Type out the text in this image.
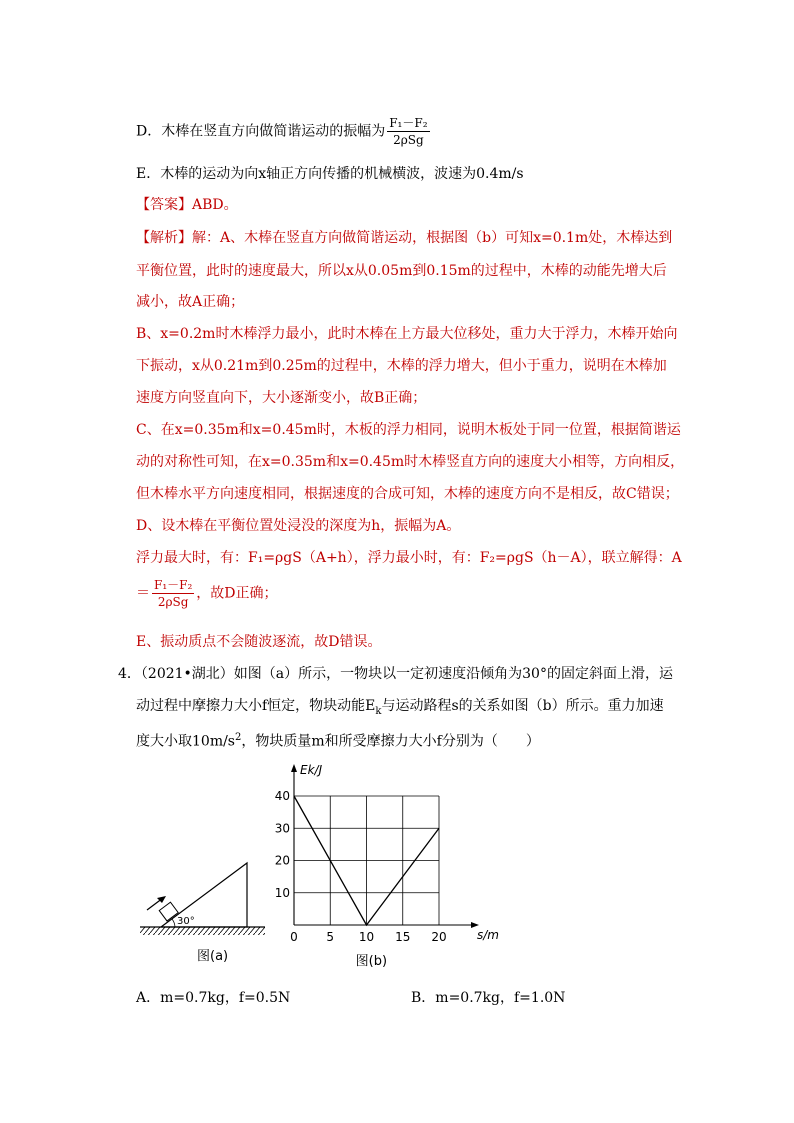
D．木棒在竖直方向做简谐运动的振幅为 $\frac{\text{F₁－F₂}}{\text{2ρSg}}$
E．木棒的运动为向x轴正方向传播的机械横波，波速为0.4m/s
【答案】ABD。
【解析】解：A、木棒在竖直方向做简谐运动，根据图（b）可知x=0.1m处，木棒达到
平衡位置，此时的速度最大，所以x从0.05m到0.15m的过程中，木棒的动能先增大后
减小，故A正确；
B、x=0.2m时木棒浮力最小，此时木棒在上方最大位移处，重力大于浮力，木棒开始向
下振动，x从0.21m到0.25m的过程中，木棒的浮力增大，但小于重力，说明在木棒加
速度方向竖直向下，大小逐渐变小，故B正确；
C、在x=0.35m和x=0.45m时，木板的浮力相同，说明木板处于同一位置，根据简谐运
动的对称性可知，在x=0.35m和x=0.45m时木棒竖直方向的速度大小相等，方向相反，
但木棒水平方向速度相同，根据速度的合成可知，木棒的速度方向不是相反，故C错误；
D、设木棒在平衡位置处浸没的深度为h，振幅为A。
浮力最大时，有：F₁=ρgS（A+h），浮力最小时，有：F₂=ρgS（h－A），联立解得：A
＝ $\frac{\text{F₁－F₂}}{\text{2ρSg}}$ ，故D正确；
E、振动质点不会随波逐流，故D错误。
4．（2021•湖北）如图（a）所示，一物块以一定初速度沿倾角为30°的固定斜面上滑，运
动过程中摩擦力大小f恒定，物块动能$E_k$与运动路程s的关系如图（b）所示。重力加速
度大小取$10m/s^2$，物块质量m和所受摩擦力大小f分别为（　　）
30°
图(a)
10
20
30
40
0 5 10 15 20
Ek/J
s/m
图(b)
A．m=0.7kg，f=0.5N	B．m=0.7kg，f=1.0N
